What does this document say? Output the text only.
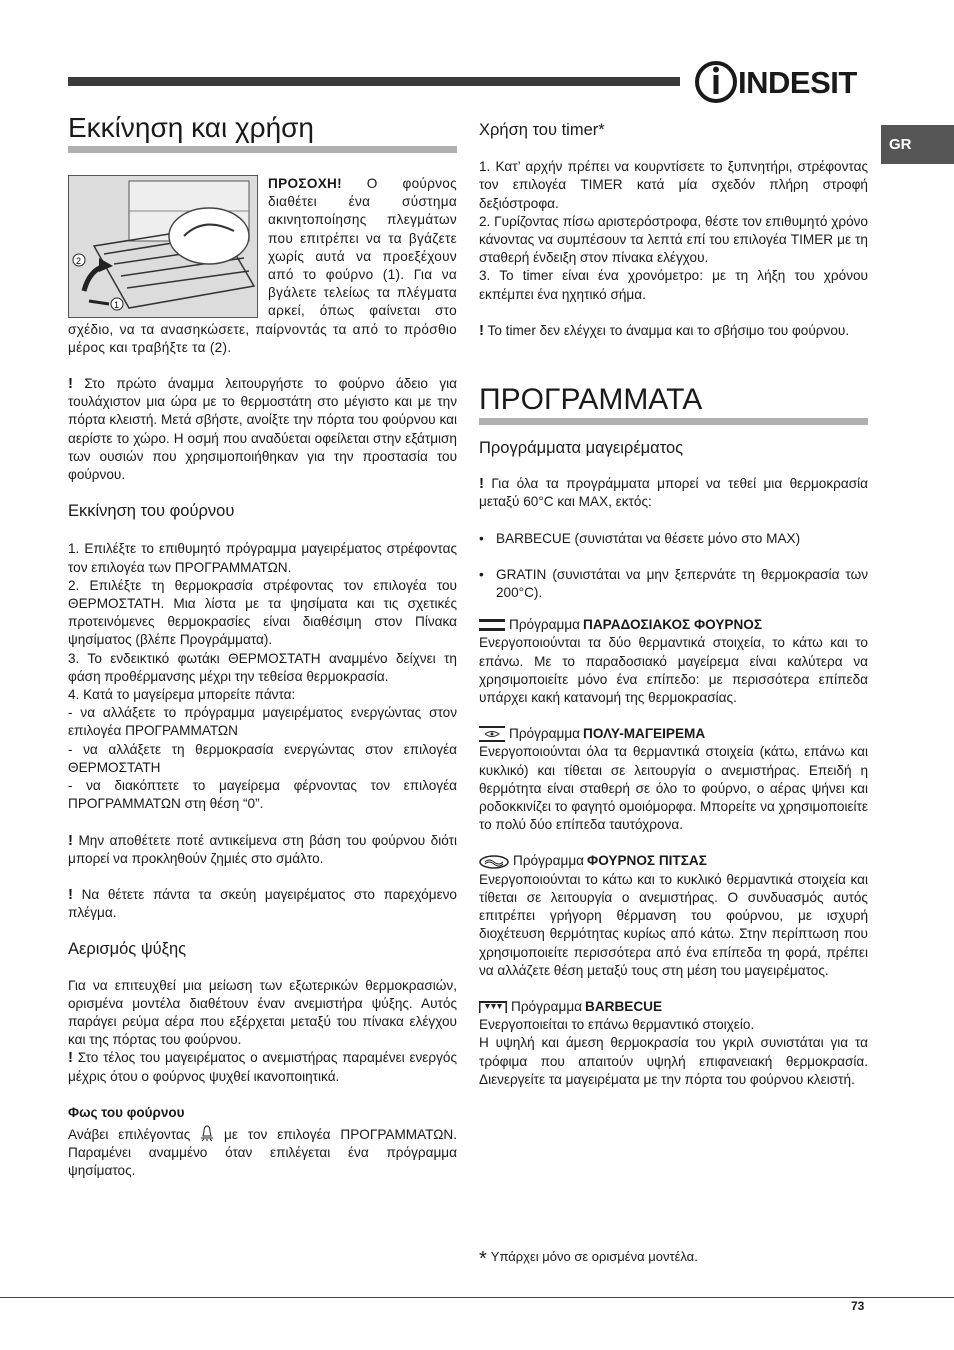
INDESIT
GR
Εκκίνηση και χρήση
2
1

ΠΡΟΣΟΧΗ! Ο φούρνος διαθέτει ένα σύστημα ακινητοποίησης πλεγμάτων που επιτρέπει να τα βγάζετε χωρίς αυτά να προεξέχουν από το φούρνο (1). Για να βγάλετε τελείως τα πλέγματα αρκεί, όπως φαίνεται στο σχέδιο, να τα ανασηκώσετε, παίρνοντάς τα από το πρόσθιο μέρος και τραβήξτε τα (2).

! Στο πρώτο άναμμα λειτουργήστε το φούρνο άδειο για τουλάχιστον μια ώρα με το θερμοστάτη στο μέγιστο και με την πόρτα κλειστή. Μετά σβήστε, ανοίξτε την πόρτα του φούρνου και αερίστε το χώρο. Η οσμή που αναδύεται οφείλεται στην εξάτμιση των ουσιών που χρησιμοποιήθηκαν για την προστασία του φούρνου.

Εκκίνηση του φούρνου

1. Επιλέξτε το επιθυμητό πρόγραμμα μαγειρέματος στρέφοντας τον επιλογέα των ΠΡΟΓΡΑΜΜΑΤΩΝ.

2. Επιλέξτε τη θερμοκρασία στρέφοντας τον επιλογέα του ΘΕΡΜΟΣΤΑΤΗ. Μια λίστα με τα ψησίματα και τις σχετικές προτεινόμενες θερμοκρασίες είναι διαθέσιμη στον Πίνακα ψησίματος (βλέπε Προγράμματα).

3. Το ενδεικτικό φωτάκι ΘΕΡΜΟΣΤΑΤΗ αναμμένο δείχνει τη φάση προθέρμανσης μέχρι την τεθείσα θερμοκρασία.

4. Κατά το μαγείρεμα μπορείτε πάντα:

- να αλλάξετε το πρόγραμμα μαγειρέματος ενεργώντας στον επιλογέα ΠΡΟΓΡΑΜΜΑΤΩΝ

- να αλλάξετε τη θερμοκρασία ενεργώντας στον επιλογέα ΘΕΡΜΟΣΤΑΤΗ

- να διακόπτετε το μαγείρεμα φέρνοντας τον επιλογέα ΠΡΟΓΡΑΜΜΑΤΩΝ στη θέση “0”.

! Μην αποθέτετε ποτέ αντικείμενα στη βάση του φούρνου διότι μπορεί να προκληθούν ζημιές στο σμάλτο.

! Να θέτετε πάντα τα σκεύη μαγειρέματος στο παρεχόμενο πλέγμα.

Αερισμός ψύξης

Για να επιτευχθεί μια μείωση των εξωτερικών θερμοκρασιών, ορισμένα μοντέλα διαθέτουν έναν ανεμιστήρα ψύξης. Αυτός παράγει ρεύμα αέρα που εξέρχεται μεταξύ του πίνακα ελέγχου και της πόρτας του φούρνου.

! Στο τέλος του μαγειρέματος ο ανεμιστήρας παραμένει ενεργός μέχρις ότου ο φούρνος ψυχθεί ικανοποιητικά.

Φως του φούρνου

Ανάβει επιλέγοντας  με τον επιλογέα ΠΡΟΓΡΑΜΜΑΤΩΝ. Παραμένει αναμμένο όταν επιλέγεται ένα πρόγραμμα ψησίματος.

Χρήση του timer*

1. Κατ’ αρχήν πρέπει να κουρντίσετε το ξυπνητήρι, στρέφοντας τον επιλογέα TIMER κατά μία σχεδόν πλήρη στροφή δεξιόστροφα.

2. Γυρίζοντας πίσω αριστερόστροφα, θέστε τον επιθυμητό χρόνο κάνοντας να συμπέσουν τα λεπτά επί του επιλογέα TIMER με τη σταθερή ένδειξη στον πίνακα ελέγχου.

3. Το timer είναι ένα χρονόμετρο: με τη λήξη του χρόνου εκπέμπει ένα ηχητικό σήμα.

! Το timer δεν ελέγχει το άναμμα και το σβήσιμο του φούρνου.

ΠΡΟΓΡΑΜΜΑΤΑ
Προγράμματα μαγειρέματος

! Για όλα τα προγράμματα μπορεί να τεθεί μια θερμοκρασία μεταξύ 60°C και MAX, εκτός:

• BARBECUE (συνιστάται να θέσετε μόνο στο MAX)
• GRATIN (συνιστάται να μην ξεπερνάτε τη θερμοκρασία των 200°C).
Πρόγραμμα ΠΑΡΑΔΟΣΙΑΚΟΣ ΦΟΥΡΝΟΣ

Ενεργοποιούνται τα δύο θερμαντικά στοιχεία, το κάτω και το επάνω. Με το παραδοσιακό μαγείρεμα είναι καλύτερα να χρησιμοποιείτε μόνο ένα επίπεδο: με περισσότερα επίπεδα υπάρχει κακή κατανομή της θερμοκρασίας.

Πρόγραμμα ΠΟΛΥ-ΜΑΓΕΙΡΕΜΑ

Ενεργοποιούνται όλα τα θερμαντικά στοιχεία (κάτω, επάνω και κυκλικό) και τίθεται σε λειτουργία ο ανεμιστήρας. Επειδή η θερμότητα είναι σταθερή σε όλο το φούρνο, ο αέρας ψήνει και ροδοκκινίζει το φαγητό ομοιόμορφα. Μπορείτε να χρησιμοποιείτε το πολύ δύο επίπεδα ταυτόχρονα.

Πρόγραμμα ΦΟΥΡΝΟΣ ΠΙΤΣΑΣ

Ενεργοποιούνται το κάτω και το κυκλικό θερμαντικά στοιχεία και τίθεται σε λειτουργία ο ανεμιστήρας. Ο συνδυασμός αυτός επιτρέπει γρήγορη θέρμανση του φούρνου, με ισχυρή διοχέτευση θερμότητας κυρίως από κάτω. Στην περίπτωση που χρησιμοποιείτε περισσότερα από ένα επίπεδα τη φορά, πρέπει να αλλάζετε θέση μεταξύ τους στη μέση του μαγειρέματος.

Πρόγραμμα BARBECUE

Ενεργοποιείται το επάνω θερμαντικό στοιχείο.
Η υψηλή και άμεση θερμοκρασία του γκριλ συνιστάται για τα τρόφιμα που απαιτούν υψηλή επιφανειακή θερμοκρασία. Διενεργείτε τα μαγειρέματα με την πόρτα του φούρνου κλειστή.

* Υπάρχει μόνο σε ορισμένα μοντέλα.
73
